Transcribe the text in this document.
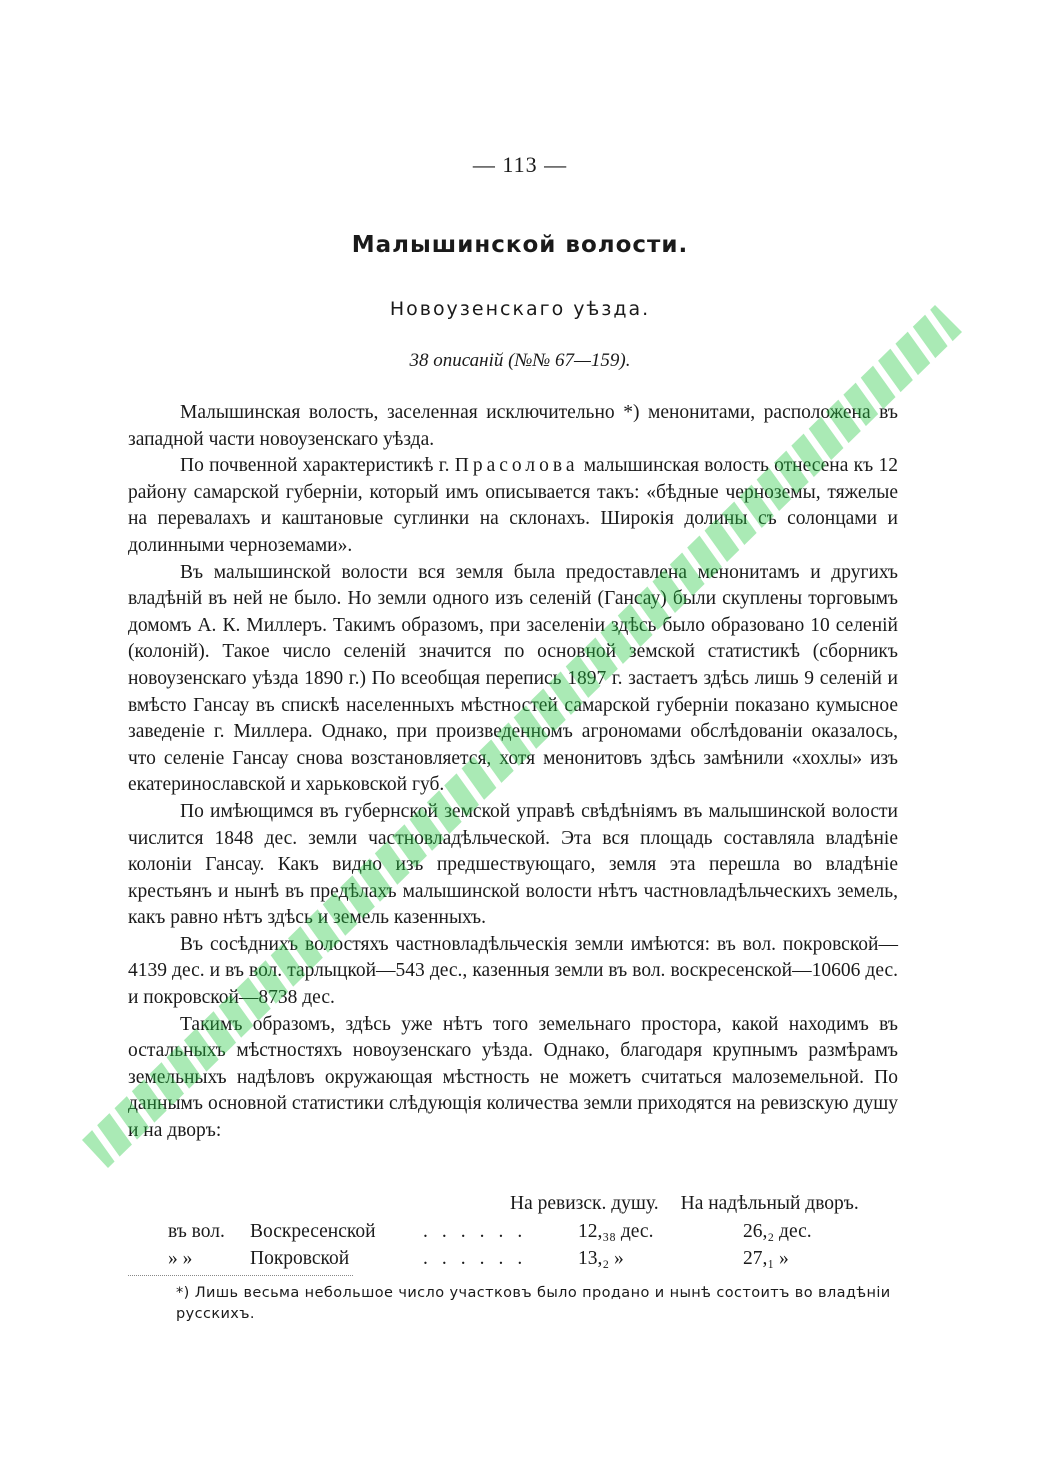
— 113 —
Малышинской волости.
Новоузенскаго уѣзда.
38 описаній (№№ 67—159).

Малышинская волость, заселенная исключительно *) менонитами, расположена въ западной части новоузенскаго уѣзда.

По почвенной характеристикѣ г. Прасолова малышинская волость отнесена къ 12 району самарской губерніи, который имъ описывается такъ: «бѣдные черноземы, тяжелые на перевалахъ и каштановые суглинки на склонахъ. Широкія долины съ солонцами и долинными черноземами».

Въ малышинской волости вся земля была предоставлена менонитамъ и другихъ владѣній въ ней не было. Но земли одного изъ селеній (Гансау) были скуплены торговымъ домомъ А. К. Миллеръ. Такимъ образомъ, при заселеніи здѣсь было образовано 10 селеній (колоній). Такое число селеній значится по основной земской статистикѣ (сборникъ новоузенскаго уѣзда 1890 г.) По всеобщая перепись 1897 г. застаетъ здѣсь лишь 9 селеній и вмѣсто Гансау въ спискѣ населенныхъ мѣстностей самарской губерніи показано кумысное заведеніе г. Миллера. Однако, при произведенномъ агрономами обслѣдованіи оказалось, что селеніе Гансау снова возстановляется, хотя менонитовъ здѣсь замѣнили «хохлы» изъ екатеринославской и харьковской губ.

По имѣющимся въ губернской земской управѣ свѣдѣніямъ въ малышинской волости числится 1848 дес. земли частновладѣльческой. Эта вся площадь составляла владѣніе колоніи Гансау. Какъ видно изъ предшествующаго, земля эта перешла во владѣніе крестьянъ и нынѣ въ предѣлахъ малышинской волости нѣтъ частновладѣльческихъ земель, какъ равно нѣтъ здѣсь и земель казенныхъ.

Въ сосѣднихъ волостяхъ частновладѣльческія земли имѣются: въ вол. покровской—4139 дес. и въ вол. тарлыцкой—543 дес., казенныя земли въ вол. воскресенской—10606 дес. и покровской—8738 дес.

Такимъ образомъ, здѣсь уже нѣтъ того земельнаго простора, какой находимъ въ остальныхъ мѣстностяхъ новоузенскаго уѣзда. Однако, благодаря крупнымъ размѣрамъ земельныхъ надѣловъ окружающая мѣстность не можетъ считаться малоземельной. По даннымъ основной статистики слѣдующія количества земли приходятся на ревизскую душу и на дворъ:

На ревизск. душу. На надѣльный дворъ.
въ вол.	Воскресенской ...... 12,₃₈ дес.	26,₂ дес.
» »	Покровской	...... 13,₂ »	27,₁ »
*) Лишь весьма небольшое число участковъ было продано и нынѣ состоитъ во владѣніи русскихъ.
